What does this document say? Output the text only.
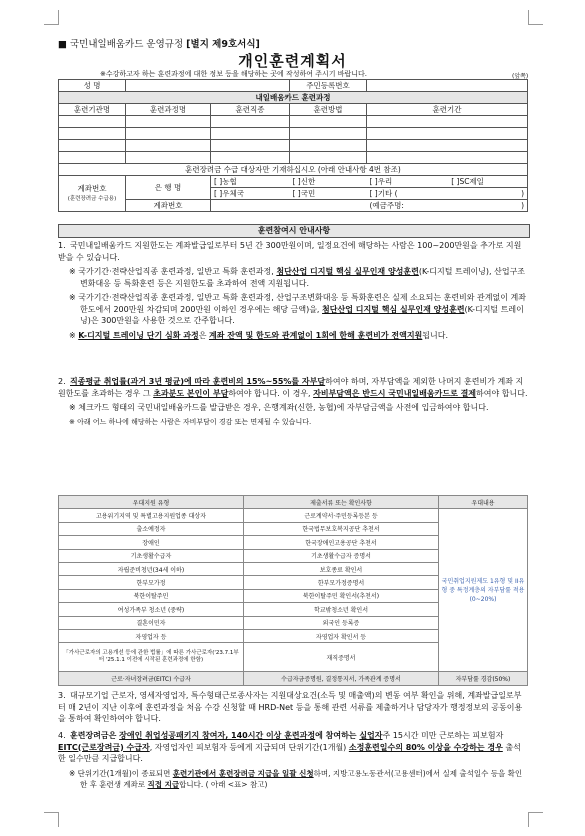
■ 국민내일배움카드 운영규정 [별지 제9호서식]
개인훈련계획서
※수강하고자 하는 훈련과정에 대한 정보 등을 해당하는 곳에 작성하여 주시기 바랍니다.	(앞쪽)
성 명			주민등록번호		
내일배움카드 훈련과정					
훈련기관명	훈련과정명	훈련직종	훈련방법	훈련기간	

훈련장려금 수급 대상자만 기재하십시오 (아래 안내사항 4번 참조)					
계좌번호
(훈련장려금 수급용)	은 행 명	[ ]농협	[ ]신한	[ ]우리	[ ]SC제일
		[ ]우체국	[ ]국민	[ ]기타 (	)
	계좌번호			(예금주명:	)
훈련참여시 안내사항

1. 국민내일배움카드 지원한도는 계좌발급일로부터 5년 간 300만원이며, 일정요건에 해당하는 사람은 100~200만원을 추가로 지원받을 수 있습니다.

※ 국가기간·전략산업직종 훈련과정, 일반고 특화 훈련과정, 첨단산업 디지털 핵심 실무인재 양성훈련(K-디지털 트레이닝), 산업구조변화대응 등 특화훈련 등은 지원한도를 초과하여 전액 지원됩니다.

※ 국가기간·전략산업직종 훈련과정, 일반고 특화 훈련과정, 산업구조변화대응 등 특화훈련은 실제 소요되는 훈련비와 관계없이 계좌한도에서 200만원 차감되며 200만원 이하인 경우에는 해당 금액)을, 첨단산업 디지털 핵심 실무인재 양성훈련(K-디지털 트레이닝)은 300만원을 사용한 것으로 간주합니다.

※ K-디지털 트레이닝 단기 심화 과정은 계좌 잔액 및 한도와 관계없이 1회에 한해 훈련비가 전액지원됩니다.

2. 직종평균 취업률(과거 3년 평균)에 따라 훈련비의 15%~55%를 자부담하여야 하며, 자부담액을 제외한 나머지 훈련비가 계좌 지원한도를 초과하는 경우 그 초과분도 본인이 부담하여야 합니다. 이 경우, 자비부담액은 반드시 국민내일배움카드로 결제하여야 합니다.

※ 체크카드 형태의 국민내일배움카드를 발급받은 경우, 은행계좌(신한, 농협)에 자부담금액을 사전에 입금하여야 합니다.

※ 아래 어느 하나에 해당하는 사람은 자비부담이 경감 또는 면제될 수 있습니다.

우대지원 유형	제출서류 또는 확인사항	우대내용
고용위기지역 및 특별고용지원업종 대상자	근로계약서·주민등록등본 등	국민취업지원제도 1유형 및 II유형 중 특정계층의 자부담률 적용 (0~20%)
출소예정자	한국법무보호복지공단 추천서	
장애인	한국장애인고용공단 추천서	
기초생활수급자	기초생활수급자 증명서	
자립준비청년(34세 이하)	보호종료 확인서	
한부모가정	한부모가정증명서	
북한이탈주민	북한이탈주민 확인서(추천서)	
여성가족부 청소년 (중략)	학교밖청소년 확인서	
결혼이민자	외국인 등록증	
자영업자 등	자영업자 확인서 등	
「가사근로자의 고용개선 등에 관한 법률」에 따른 가사근로자('23.7.1부터 '25.1.1 이전에 시작된 훈련과정에 한함)	재직증명서	
근로·자녀장려금(EITC) 수급자	수급자금증명원, 결정통지서, 가족관계 증명서	자부담률 경감(50%)

3. 대규모기업 근로자, 영세자영업자, 특수형태근로종사자는 지원대상요건(소득 및 매출액)의 변동 여부 확인을 위해, 계좌발급일로부터 매 2년이 지난 이후에 훈련과정을 처음 수강 신청할 때 HRD-Net 등을 통해 관련 서류를 제출하거나 담당자가 행정정보의 공동이용을 통하여 확인하여야 합니다.

4. 훈련장려금은 장애인 취업성공패키지 참여자, 140시간 이상 훈련과정에 참여하는 실업자주 15시간 미만 근로하는 피보험자EITC(근로장려금) 수급자, 자영업자인 피보험자 등에게 지급되며 단위기간(1개월) 소정훈련일수의 80% 이상을 수강하는 경우 출석한 일수만큼 지급합니다.

※ 단위기간(1개월)이 종료되면 훈련기관에서 훈련장려금 지급을 일괄 신청하며, 지방고용노동관서(고용센터)에서 실제 출석일수 등을 확인한 후 훈련생 계좌로 직접 지급합니다. ( 아래 <표> 참고)
